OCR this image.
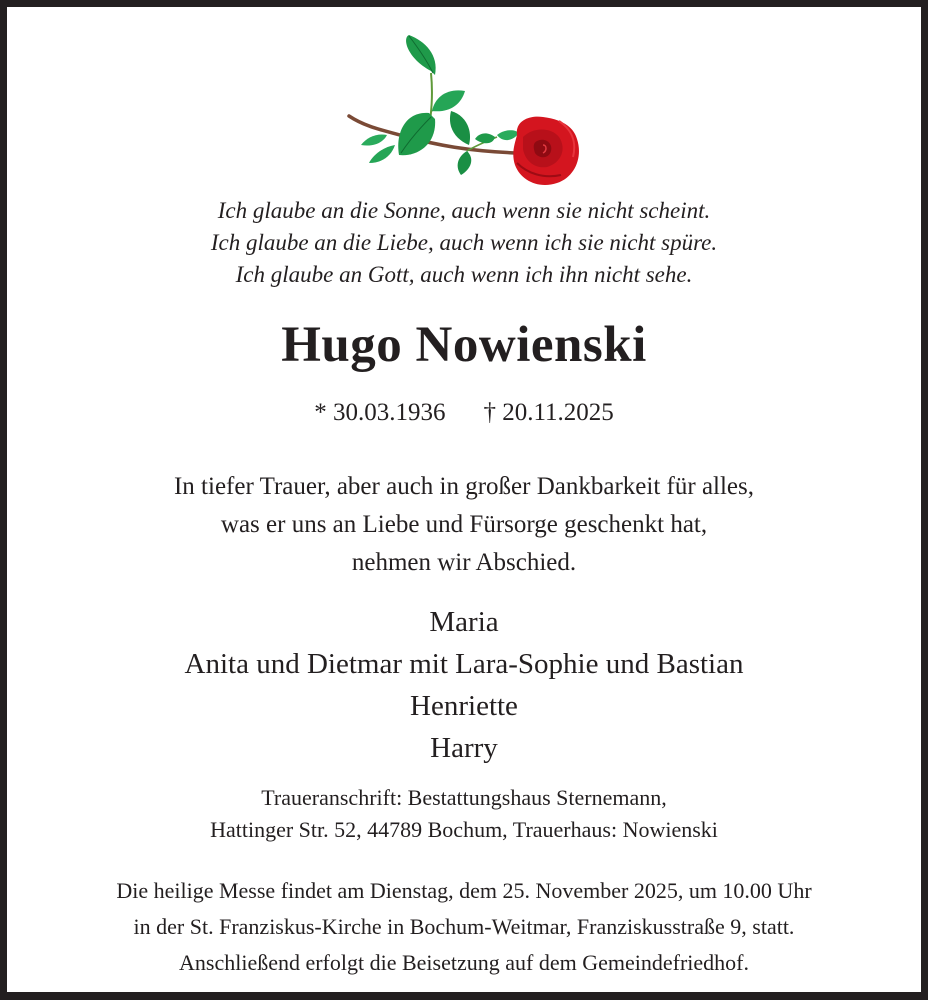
Ich glaube an die Sonne, auch wenn sie nicht scheint.
Ich glaube an die Liebe, auch wenn ich sie nicht spüre.
Ich glaube an Gott, auch wenn ich ihn nicht sehe.
Hugo Nowienski
* 30.03.1936 † 20.11.2025
In tiefer Trauer, aber auch in großer Dankbarkeit für alles,
was er uns an Liebe und Fürsorge geschenkt hat,
nehmen wir Abschied.
Maria
Anita und Dietmar mit Lara-Sophie und Bastian
Henriette
Harry
Traueranschrift: Bestattungshaus Sternemann,
Hattinger Str. 52, 44789 Bochum, Trauerhaus: Nowienski
Die heilige Messe findet am Dienstag, dem 25. November 2025, um 10.00 Uhr
in der St. Franziskus-Kirche in Bochum-Weitmar, Franziskusstraße 9, statt.
Anschließend erfolgt die Beisetzung auf dem Gemeindefriedhof.
